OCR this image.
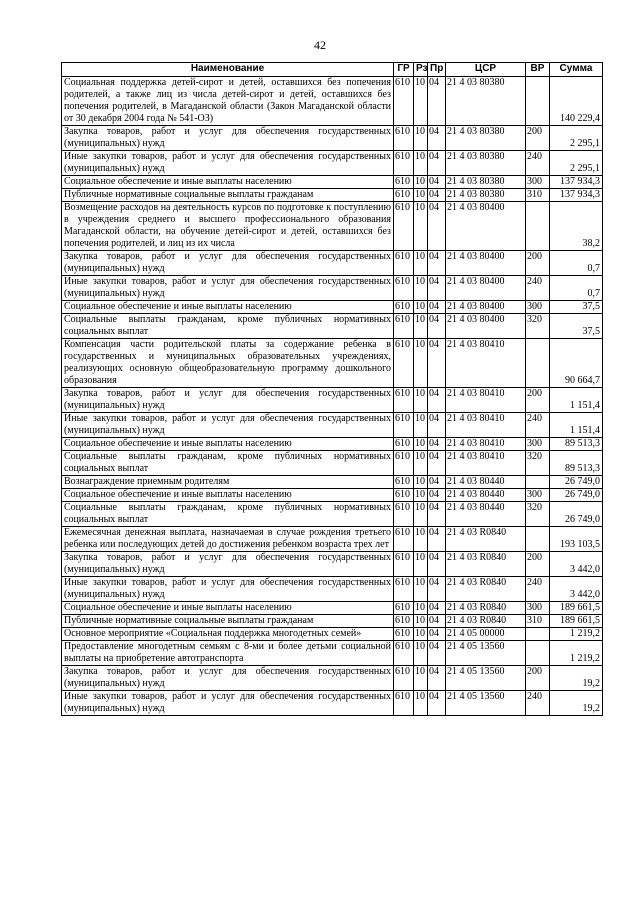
42
Наименование	ГР	Рз	Пр	ЦСР	ВР	Сумма
Социальная поддержка детей-сирот и детей, оставшихся без попечения родителей, а также лиц из числа детей-сирот и детей, оставшихся без попечения родителей, в Магаданской области (Закон Магаданской области от 30 декабря 2004 года № 541-ОЗ)	610	10	04	21 4 03 80380		140 229,4
Закупка товаров, работ и услуг для обеспечения государственных (муниципальных) нужд	610	10	04	21 4 03 80380	200	2 295,1
Иные закупки товаров, работ и услуг для обеспечения государственных (муниципальных) нужд	610	10	04	21 4 03 80380	240	2 295,1
Социальное обеспечение и иные выплаты населению	610	10	04	21 4 03 80380	300	137 934,3
Публичные нормативные социальные выплаты гражданам	610	10	04	21 4 03 80380	310	137 934,3
Возмещение расходов на деятельность курсов по подготовке к поступлению в учреждения среднего и высшего профессионального образования Магаданской области, на обучение детей-сирот и детей, оставшихся без попечения родителей, и лиц из их числа	610	10	04	21 4 03 80400		38,2
Закупка товаров, работ и услуг для обеспечения государственных (муниципальных) нужд	610	10	04	21 4 03 80400	200	0,7
Иные закупки товаров, работ и услуг для обеспечения государственных (муниципальных) нужд	610	10	04	21 4 03 80400	240	0,7
Социальное обеспечение и иные выплаты населению	610	10	04	21 4 03 80400	300	37,5
Социальные выплаты гражданам, кроме публичных нормативных социальных выплат	610	10	04	21 4 03 80400	320	37,5
Компенсация части родительской платы за содержание ребенка в государственных и муниципальных образовательных учреждениях, реализующих основную общеобразовательную программу дошкольного образования	610	10	04	21 4 03 80410		90 664,7
Закупка товаров, работ и услуг для обеспечения государственных (муниципальных) нужд	610	10	04	21 4 03 80410	200	1 151,4
Иные закупки товаров, работ и услуг для обеспечения государственных (муниципальных) нужд	610	10	04	21 4 03 80410	240	1 151,4
Социальное обеспечение и иные выплаты населению	610	10	04	21 4 03 80410	300	89 513,3
Социальные выплаты гражданам, кроме публичных нормативных социальных выплат	610	10	04	21 4 03 80410	320	89 513,3
Вознаграждение приемным родителям	610	10	04	21 4 03 80440		26 749,0
Социальное обеспечение и иные выплаты населению	610	10	04	21 4 03 80440	300	26 749,0
Социальные выплаты гражданам, кроме публичных нормативных социальных выплат	610	10	04	21 4 03 80440	320	26 749,0
Ежемесячная денежная выплата, назначаемая в случае рождения третьего ребенка или последующих детей до достижения ребенком возраста трех лет	610	10	04	21 4 03 R0840		193 103,5
Закупка товаров, работ и услуг для обеспечения государственных (муниципальных) нужд	610	10	04	21 4 03 R0840	200	3 442,0
Иные закупки товаров, работ и услуг для обеспечения государственных (муниципальных) нужд	610	10	04	21 4 03 R0840	240	3 442,0
Социальное обеспечение и иные выплаты населению	610	10	04	21 4 03 R0840	300	189 661,5
Публичные нормативные социальные выплаты гражданам	610	10	04	21 4 03 R0840	310	189 661,5
Основное мероприятие «Социальная поддержка многодетных семей»	610	10	04	21 4 05 00000		1 219,2
Предоставление многодетным семьям с 8-ми и более детьми социальной выплаты на приобретение автотранспорта	610	10	04	21 4 05 13560		1 219,2
Закупка товаров, работ и услуг для обеспечения государственных (муниципальных) нужд	610	10	04	21 4 05 13560	200	19,2
Иные закупки товаров, работ и услуг для обеспечения государственных (муниципальных) нужд	610	10	04	21 4 05 13560	240	19,2
